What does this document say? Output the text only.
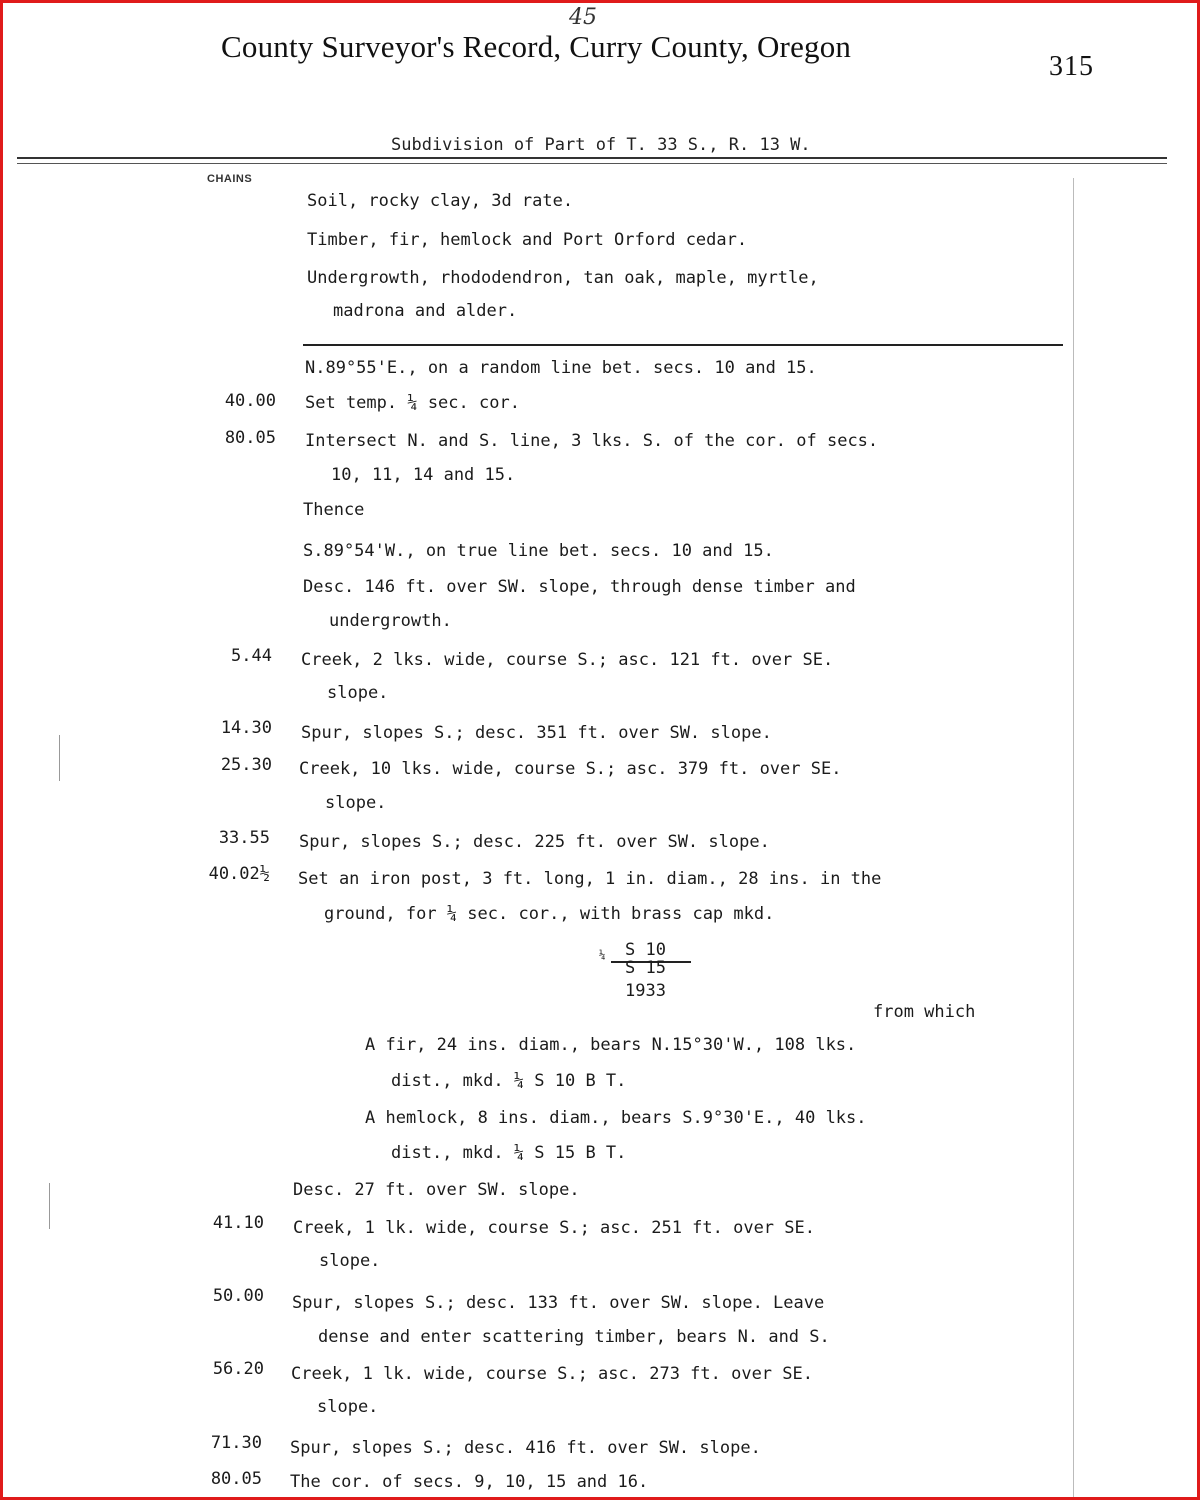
45
County Surveyor's Record, Curry County, Oregon
315
Subdivision of Part of T. 33 S., R. 13 W.
CHAINS
Soil, rocky clay, 3d rate.
Timber, fir, hemlock and Port Orford cedar.
Undergrowth, rhododendron, tan oak, maple, myrtle,
madrona and alder.
N.89°55'E., on a random line bet. secs. 10 and 15.
40.00 Set temp. ¼ sec. cor.
80.05 Intersect N. and S. line, 3 lks. S. of the cor. of secs.
10, 11, 14 and 15.
Thence
S.89°54'W., on true line bet. secs. 10 and 15.
Desc. 146 ft. over SW. slope, through dense timber and
undergrowth.
5.44 Creek, 2 lks. wide, course S.; asc. 121 ft. over SE.
slope.
14.30 Spur, slopes S.; desc. 351 ft. over SW. slope.
25.30 Creek, 10 lks. wide, course S.; asc. 379 ft. over SE.
slope.
33.55 Spur, slopes S.; desc. 225 ft. over SW. slope.
40.02½ Set an iron post, 3 ft. long, 1 in. diam., 28 ins. in the
ground, for ¼ sec. cor., with brass cap mkd.
¼ S 10
S 15
1933
from which
A fir, 24 ins. diam., bears N.15°30'W., 108 lks.
dist., mkd. ¼ S 10 B T.
A hemlock, 8 ins. diam., bears S.9°30'E., 40 lks.
dist., mkd. ¼ S 15 B T.
Desc. 27 ft. over SW. slope.
41.10 Creek, 1 lk. wide, course S.; asc. 251 ft. over SE.
slope.
50.00 Spur, slopes S.; desc. 133 ft. over SW. slope. Leave
dense and enter scattering timber, bears N. and S.
56.20 Creek, 1 lk. wide, course S.; asc. 273 ft. over SE.
slope.
71.30 Spur, slopes S.; desc. 416 ft. over SW. slope.
80.05 The cor. of secs. 9, 10, 15 and 16.
